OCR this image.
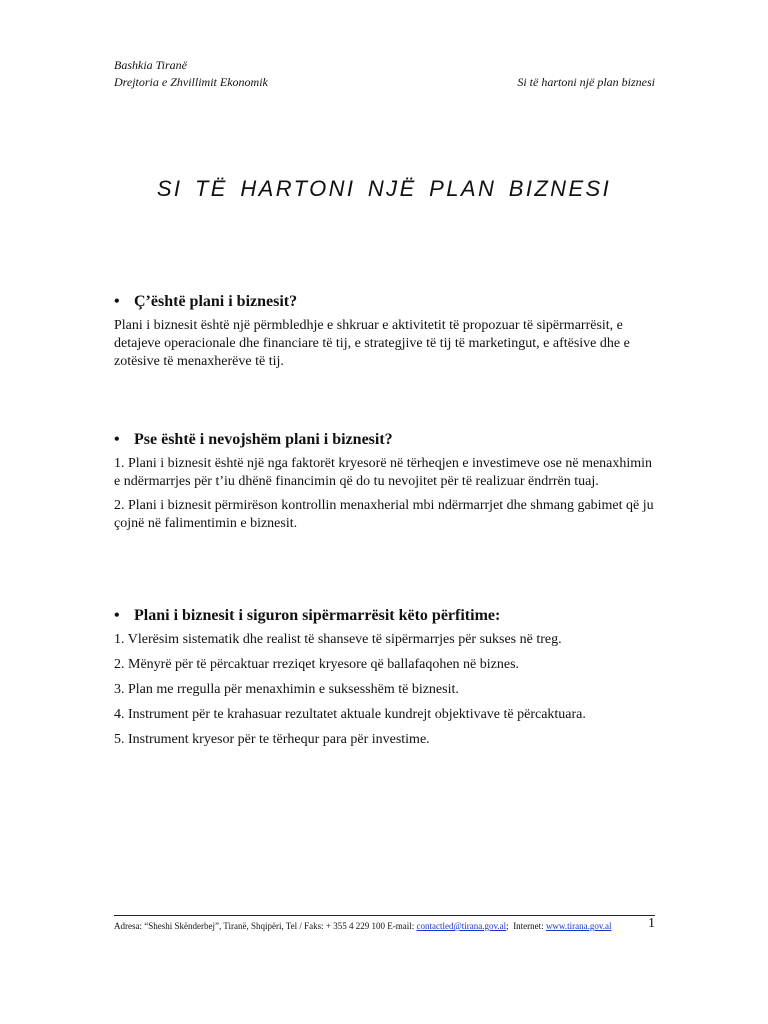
Bashkia Tiranë
Drejtoria e Zhvillimit Ekonomik	Si të hartoni një plan biznesi
SI TË HARTONI NJË PLAN BIZNESI
• Ç’është plani i biznesit?

Plani i biznesit është një përmbledhje e shkruar e aktivitetit të propozuar të sipërmarrësit, e detajeve operacionale dhe financiare të tij, e strategjive të tij të marketingut, e aftësive dhe e zotësive të menaxherëve të tij.

• Pse është i nevojshëm plani i biznesit?

1. Plani i biznesit është një nga faktorët kryesorë në tërheqjen e investimeve ose në menaxhimin e ndërmarrjes për t’iu dhënë financimin që do tu nevojitet për të realizuar ëndrrën tuaj.

2. Plani i biznesit përmirëson kontrollin menaxherial mbi ndërmarrjet dhe shmang gabimet që ju çojnë në falimentimin e biznesit.

• Plani i biznesit i siguron sipërmarrësit këto përfitime:
1. Vlerësim sistematik dhe realist të shanseve të sipërmarrjes për sukses në treg.
2. Mënyrë për të përcaktuar rreziqet kryesore që ballafaqohen në biznes.
3. Plan me rregulla për menaxhimin e suksesshëm të biznesit.
4. Instrument për te krahasuar rezultatet aktuale kundrejt objektivave të përcaktuara.
5. Instrument kryesor për te tërhequr para për investime.
Adresa: “Sheshi Skënderbej”, Tiranë, Shqipëri, Tel / Faks: + 355 4 229 100 E-mail: contactled@tirana.gov.al;  Internet: www.tirana.gov.al	1
